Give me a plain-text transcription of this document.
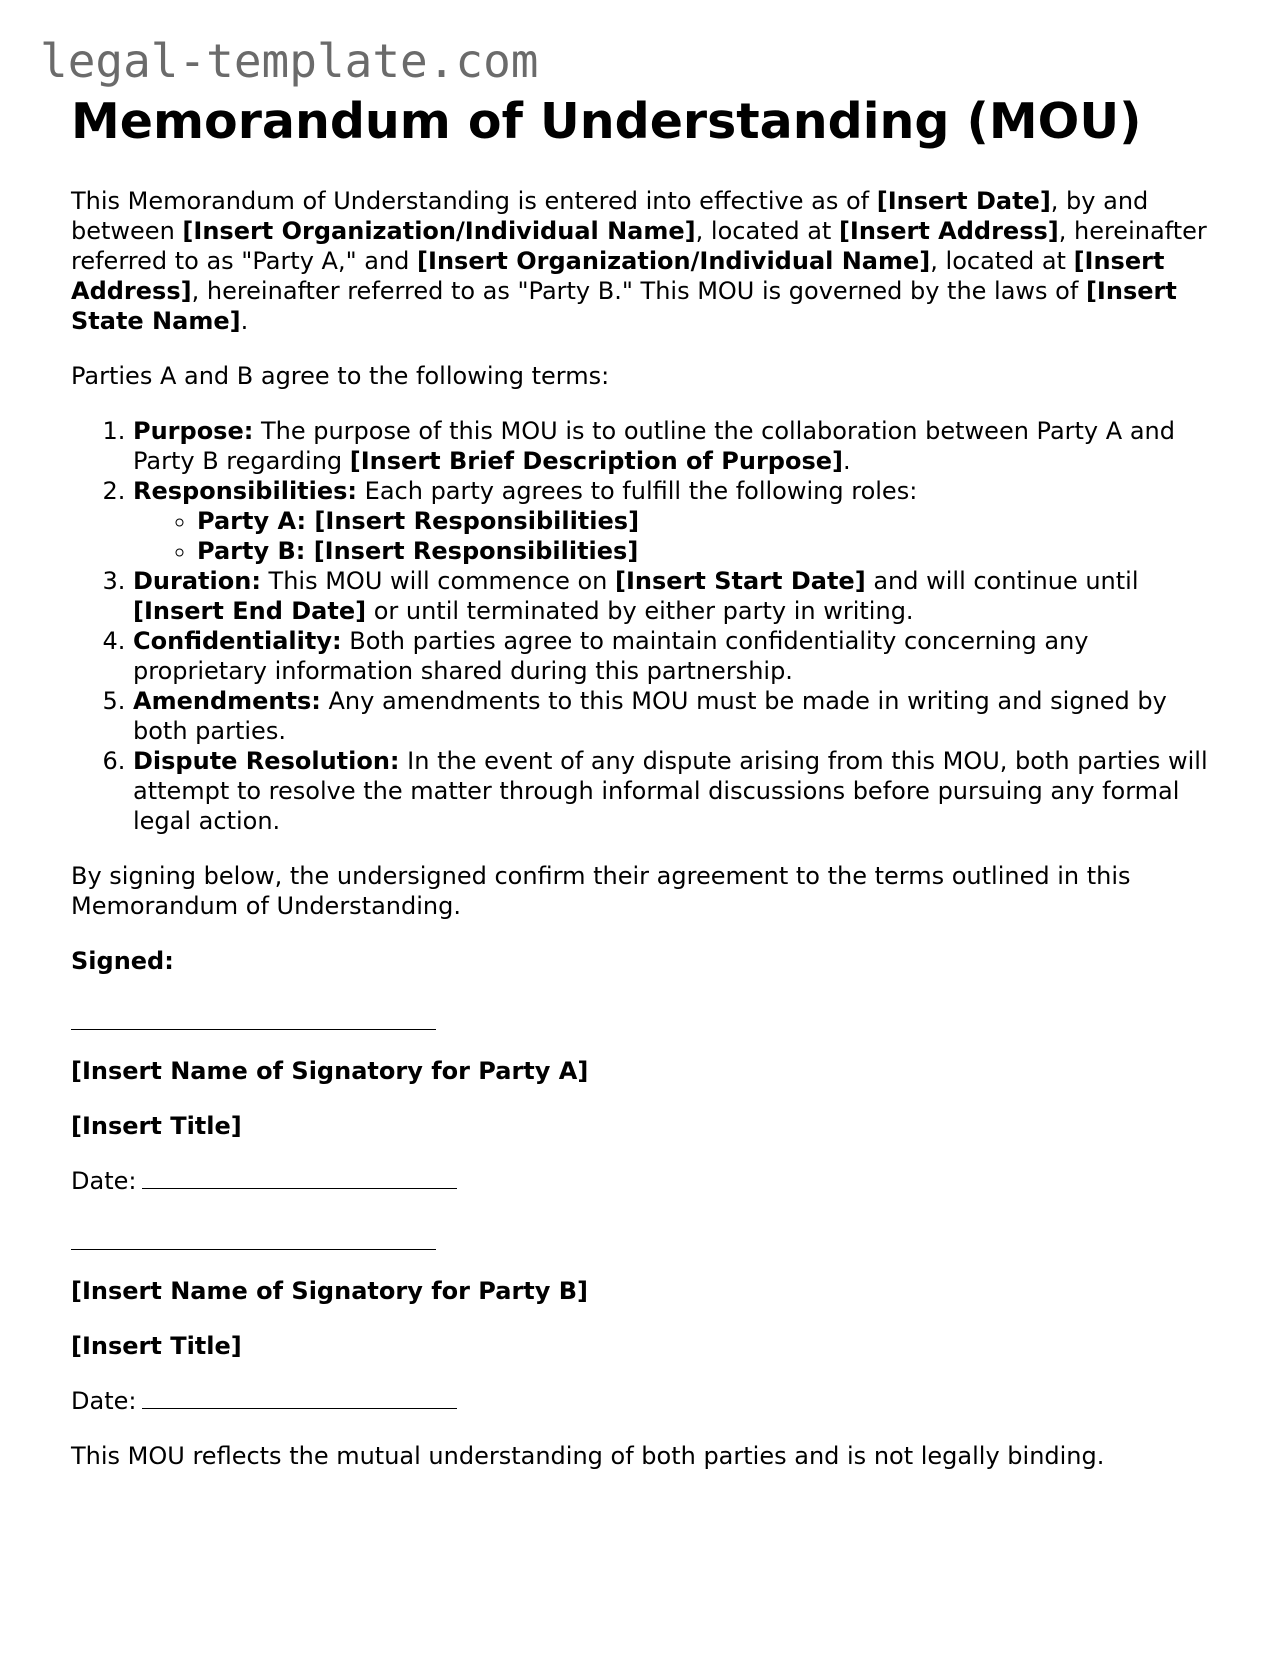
legal-template.com
Memorandum of Understanding (MOU)

This Memorandum of Understanding is entered into effective as of [Insert Date], by and between [Insert Organization/Individual Name], located at [Insert Address], hereinafter referred to as "Party A," and [Insert Organization/Individual Name], located at [Insert Address], hereinafter referred to as "Party B." This MOU is governed by the laws of [Insert State Name].

Parties A and B agree to the following terms:

1. Purpose: The purpose of this MOU is to outline the collaboration between Party A and Party B regarding [Insert Brief Description of Purpose].
2. Responsibilities: Each party agrees to fulfill the following roles:
◦ Party A: [Insert Responsibilities]
◦ Party B: [Insert Responsibilities]
3. Duration: This MOU will commence on [Insert Start Date] and will continue until [Insert End Date] or until terminated by either party in writing.
4. Confidentiality: Both parties agree to maintain confidentiality concerning any proprietary information shared during this partnership.
5. Amendments: Any amendments to this MOU must be made in writing and signed by both parties.
6. Dispute Resolution: In the event of any dispute arising from this MOU, both parties will attempt to resolve the matter through informal discussions before pursuing any formal legal action.

By signing below, the undersigned confirm their agreement to the terms outlined in this Memorandum of Understanding.

Signed:

[Insert Name of Signatory for Party A]

[Insert Title]

Date:

[Insert Name of Signatory for Party B]

[Insert Title]

Date:

This MOU reflects the mutual understanding of both parties and is not legally binding.
